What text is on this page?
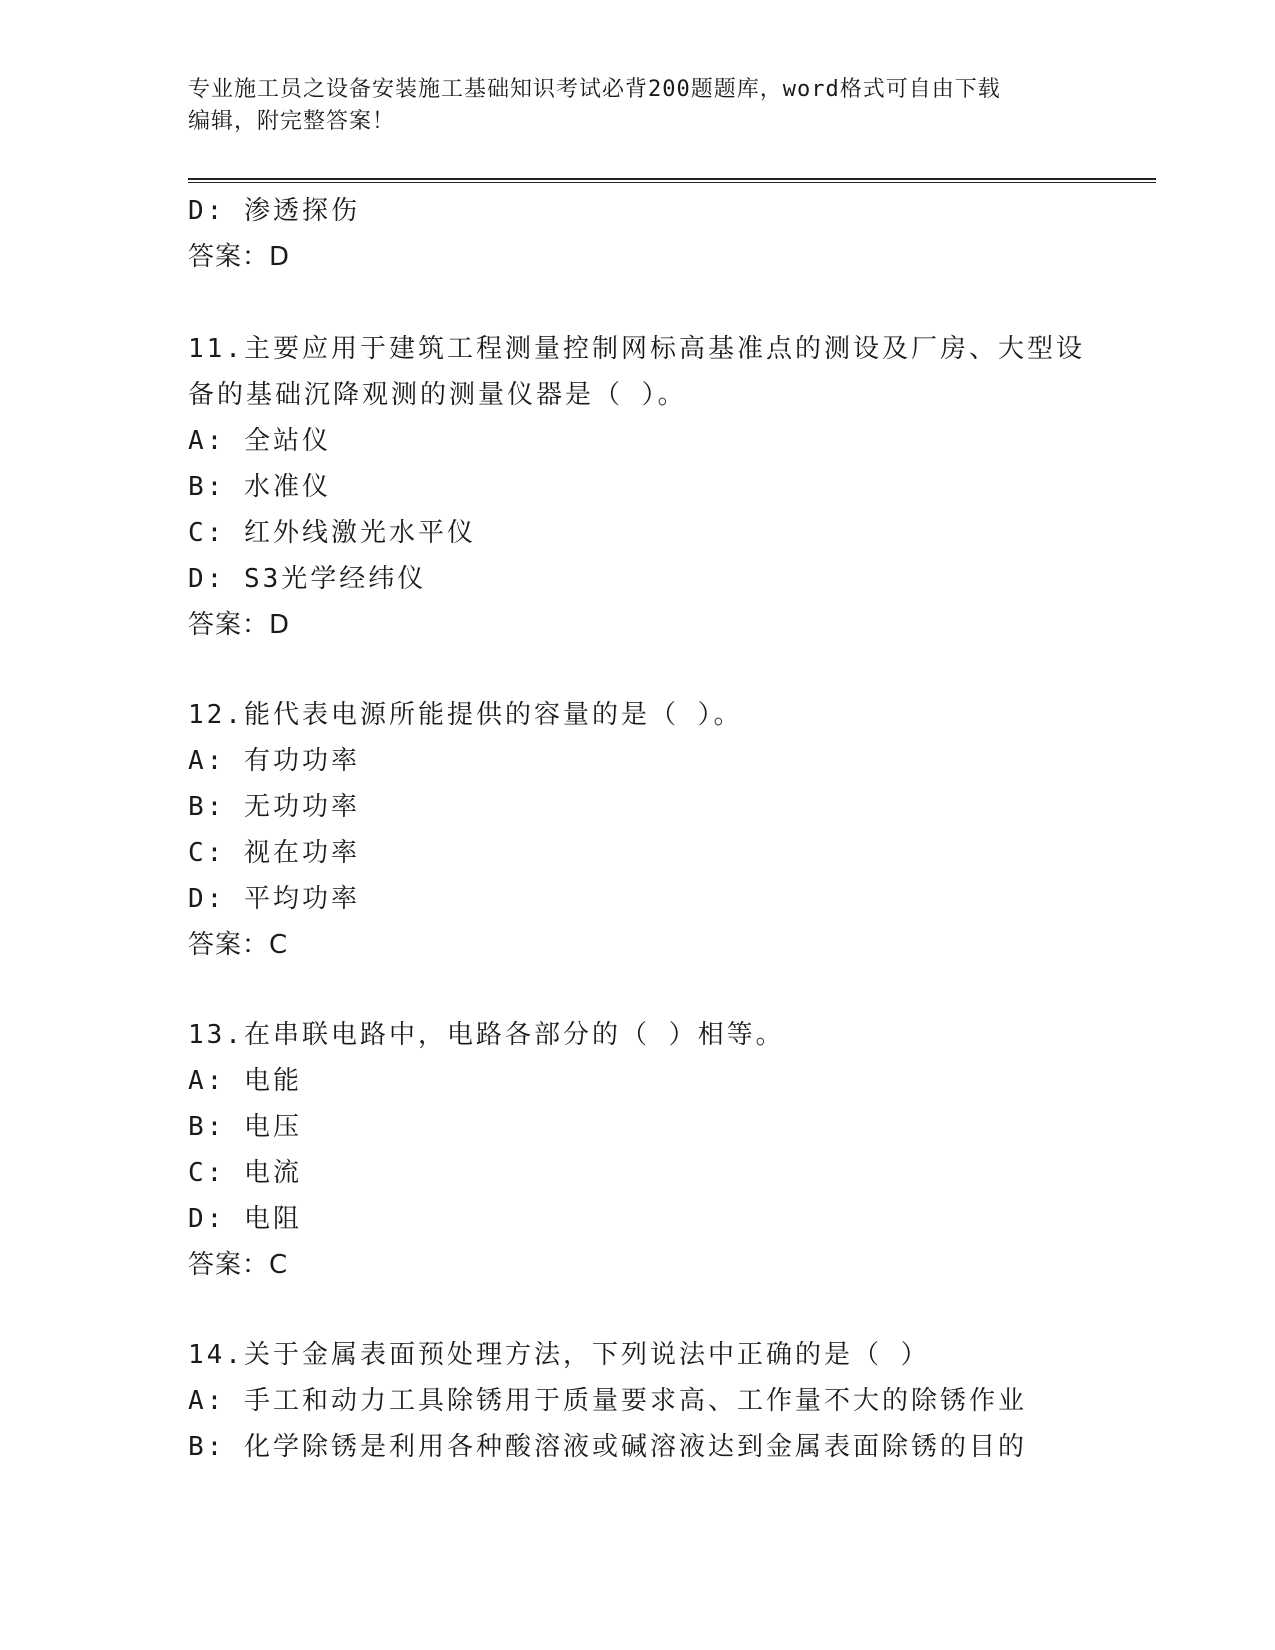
专业施工员之设备安装施工基础知识考试必背200题题库，word格式可自由下载
编辑，附完整答案！
D: 渗透探伤
答案：D
11.主要应用于建筑工程测量控制网标高基准点的测设及厂房、大型设
备的基础沉降观测的测量仪器是（ ）。
A: 全站仪
B: 水准仪
C: 红外线激光水平仪
D: S3光学经纬仪
答案：D
12.能代表电源所能提供的容量的是（ ）。
A: 有功功率
B: 无功功率
C: 视在功率
D: 平均功率
答案：C
13.在串联电路中，电路各部分的（ ）相等。
A: 电能
B: 电压
C: 电流
D: 电阻
答案：C
14.关于金属表面预处理方法，下列说法中正确的是（ ）
A: 手工和动力工具除锈用于质量要求高、工作量不大的除锈作业
B: 化学除锈是利用各种酸溶液或碱溶液达到金属表面除锈的目的
